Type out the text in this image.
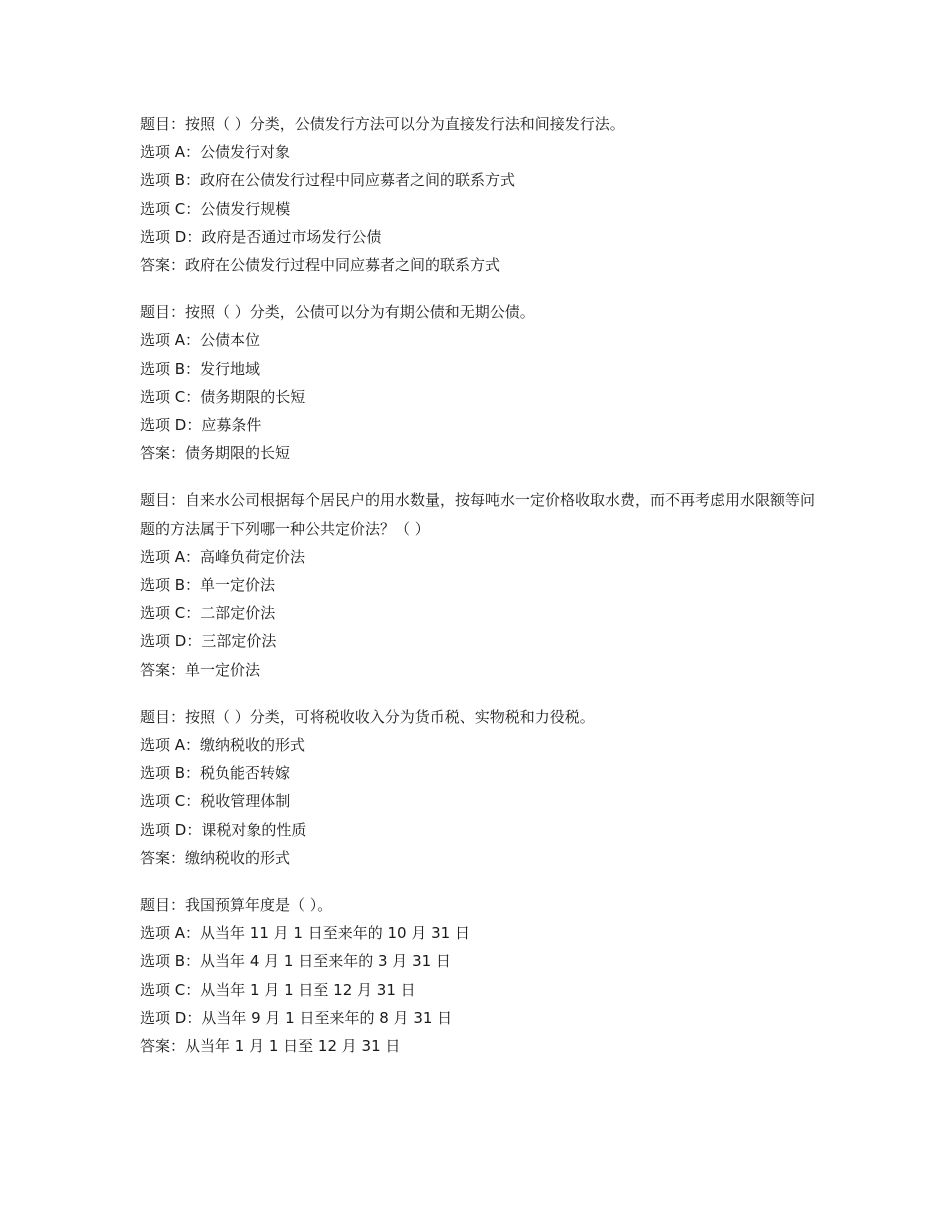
题目：按照（ ）分类，公债发行方法可以分为直接发行法和间接发行法。
选项 A：公债发行对象
选项 B：政府在公债发行过程中同应募者之间的联系方式
选项 C：公债发行规模
选项 D：政府是否通过市场发行公债
答案：政府在公债发行过程中同应募者之间的联系方式
题目：按照（ ）分类，公债可以分为有期公债和无期公债。
选项 A：公债本位
选项 B：发行地域
选项 C：债务期限的长短
选项 D：应募条件
答案：债务期限的长短
题目：自来水公司根据每个居民户的用水数量，按每吨水一定价格收取水费，而不再考虑用水限额等问题的方法属于下列哪一种公共定价法？（ ）
选项 A：高峰负荷定价法
选项 B：单一定价法
选项 C：二部定价法
选项 D：三部定价法
答案：单一定价法
题目：按照（ ）分类，可将税收收入分为货币税、实物税和力役税。
选项 A：缴纳税收的形式
选项 B：税负能否转嫁
选项 C：税收管理体制
选项 D：课税对象的性质
答案：缴纳税收的形式
题目：我国预算年度是（ ）。
选项 A：从当年 11 月 1 日至来年的 10 月 31 日
选项 B：从当年 4 月 1 日至来年的 3 月 31 日
选项 C：从当年 1 月 1 日至 12 月 31 日
选项 D：从当年 9 月 1 日至来年的 8 月 31 日
答案：从当年 1 月 1 日至 12 月 31 日
